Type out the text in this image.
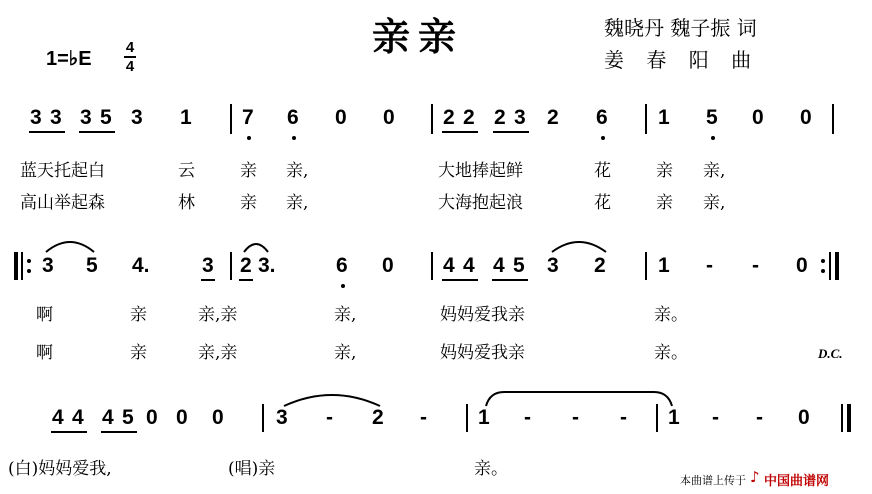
亲亲	魏晓丹 魏子振 词
姜 春 阳 曲
1=♭E
4
4
3 3 3 5 3 1 7 6 0 0 2 2 2 3 2 6 1 5 0 0
蓝天托起白	云	亲 亲,	大地捧起鲜	花	亲 亲,
高山举起森	林	亲 亲,	大海抱起浪	花	亲 亲,
3 5 4. 3 2 3.	6 0 4 4 4 5 3 2 1 - - 0
啊	亲	亲,亲	亲,	妈妈爱我亲	亲。
啊	亲	亲,亲	亲,	妈妈爱我亲	亲。	D.C.
4 4 4 5 0 0 0 3 - 2 - 1 - - - 1 - - 0
(白)妈妈爱我,	(唱)亲	亲。
本曲谱上传于 ♪ 中国曲谱网
